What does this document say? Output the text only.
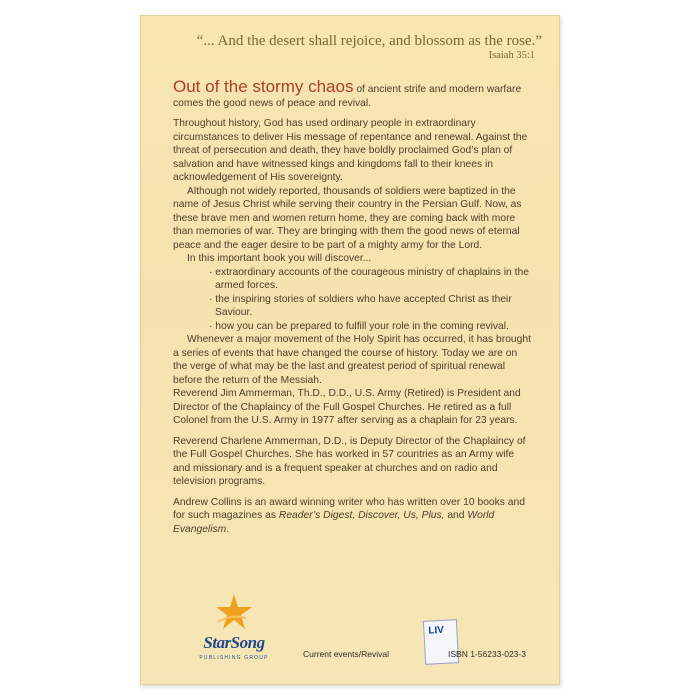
“... And the desert shall rejoice, and blossom as the rose.”
Isaiah 35:1

Out of the stormy chaos of ancient strife and modern warfare comes the good news of peace and revival.

Throughout history, God has used ordinary people in extraordinary circumstances to deliver His message of repentance and renewal. Against the threat of persecution and death, they have boldly proclaimed God’s plan of salvation and have witnessed kings and kingdoms fall to their knees in acknowledgement of His sovereignty.

Although not widely reported, thousands of soldiers were baptized in the name of Jesus Christ while serving their country in the Persian Gulf. Now, as these brave men and women return home, they are coming back with more than memories of war. They are bringing with them the good news of eternal peace and the eager desire to be part of a mighty army for the Lord.

In this important book you will discover...

· extraordinary accounts of the courageous ministry of chaplains in the armed forces.
· the inspiring stories of soldiers who have accepted Christ as their Saviour.
· how you can be prepared to fulfill your role in the coming revival.

Whenever a major movement of the Holy Spirit has occurred, it has brought a series of events that have changed the course of history. Today we are on the verge of what may be the last and greatest period of spiritual renewal before the return of the Messiah.

Reverend Jim Ammerman, Th.D., D.D., U.S. Army (Retired) is President and Director of the Chaplaincy of the Full Gospel Churches. He retired as a full Colonel from the U.S. Army in 1977 after serving as a chaplain for 23 years.

Reverend Charlene Ammerman, D.D., is Deputy Director of the Chaplaincy of the Full Gospel Churches. She has worked in 57 countries as an Army wife and missionary and is a frequent speaker at churches and on radio and television programs.

Andrew Collins is an award winning writer who has written over 10 books and for such magazines as Reader’s Digest, Discover, Us, Plus, and World Evangelism.

StarSong
PUBLISHING GROUP	Current events/Revival
LIV
ISBN 1-56233-023-3
